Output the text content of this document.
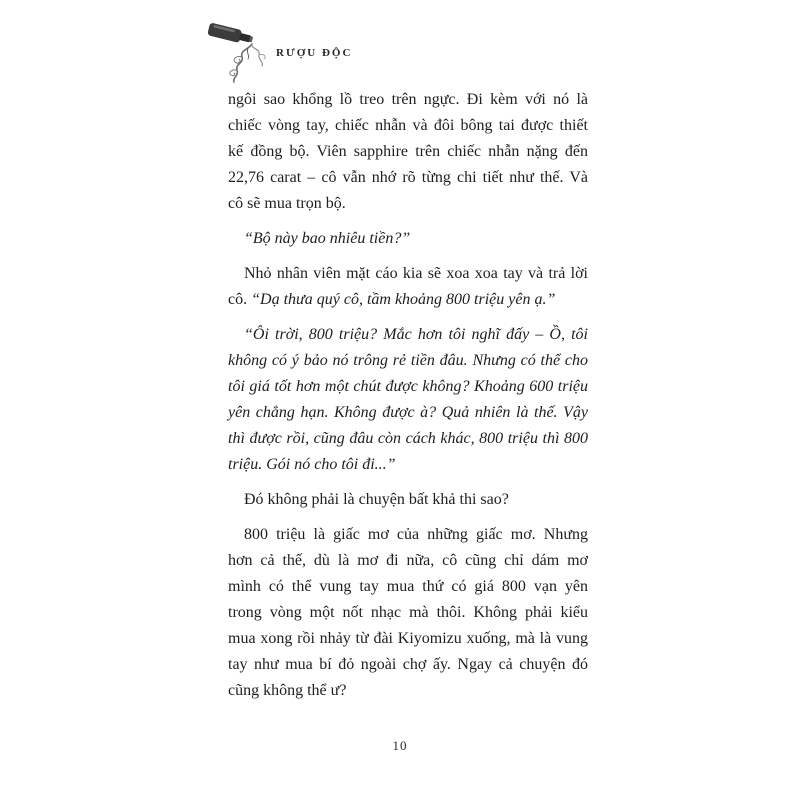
RƯỢU ĐỘC
ngôi sao khổng lồ treo trên ngực. Đi kèm với nó là
chiếc vòng tay, chiếc nhẫn và đôi bông tai được thiết
kế đồng bộ. Viên sapphire trên chiếc nhẫn nặng đến
22,76 carat – cô vẫn nhớ rõ từng chi tiết như thế. Và
cô sẽ mua trọn bộ.
“Bộ này bao nhiêu tiền?”
Nhỏ nhân viên mặt cáo kia sẽ xoa xoa tay và trả lời
cô. “Dạ thưa quý cô, tầm khoảng 800 triệu yên ạ.”
“Ôi trời, 800 triệu? Mắc hơn tôi nghĩ đấy – Ồ, tôi
không có ý bảo nó trông rẻ tiền đâu. Nhưng có thể cho
tôi giá tốt hơn một chút được không? Khoảng 600 triệu
yên chẳng hạn. Không được à? Quả nhiên là thế. Vậy
thì được rồi, cũng đâu còn cách khác, 800 triệu thì 800
triệu. Gói nó cho tôi đi...”
Đó không phải là chuyện bất khả thi sao?
800 triệu là giấc mơ của những giấc mơ. Nhưng
hơn cả thế, dù là mơ đi nữa, cô cũng chỉ dám mơ
mình có thể vung tay mua thứ có giá 800 vạn yên
trong vòng một nốt nhạc mà thôi. Không phải kiểu
mua xong rồi nhảy từ đài Kiyomizu xuống, mà là vung
tay như mua bí đỏ ngoài chợ ấy. Ngay cả chuyện đó
cũng không thể ư?
10
